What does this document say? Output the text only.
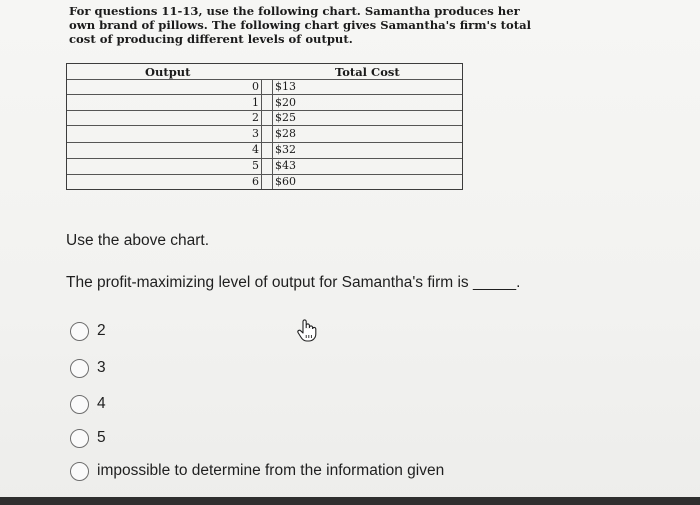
For questions 11-13, use the following chart. Samantha produces her
own brand of pillows. The following chart gives Samantha's firm's total
cost of producing different levels of output.
Output	Total Cost
0 $13
1 $20
2 $25
3 $28
4 $32
5 $43
6 $60
Use the above chart.
The profit-maximizing level of output for Samantha's firm is _____.
2
3
4
5
impossible to determine from the information given
